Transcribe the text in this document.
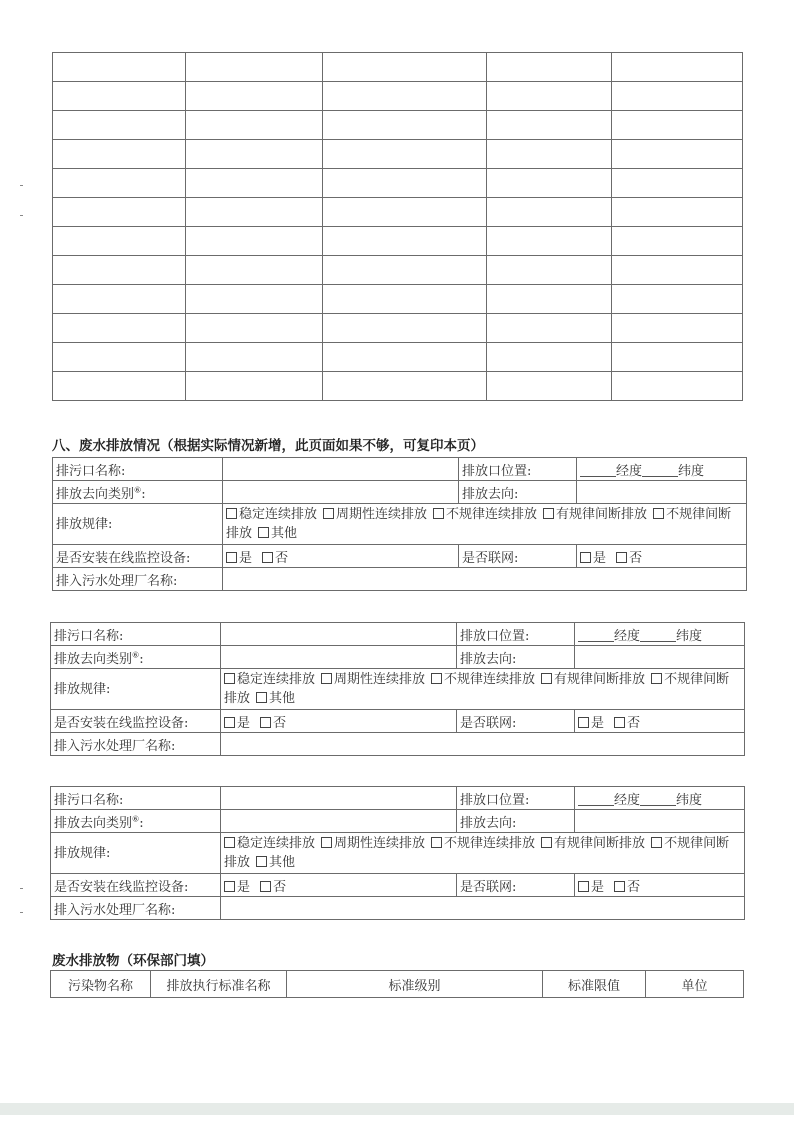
八、废水排放情况（根据实际情况新增，此页面如果不够，可复印本页）
排污口名称:		排放口位置:	经度 纬度
排放去向类别⑥:		排放去向:	
排放规律:	稳定连续排放 周期性连续排放 不规律连续排放 有规律间断排放 不规律间断排放 其他		
是否安装在线监控设备:	是 否	是否联网:	是 否
排入污水处理厂名称:			
排污口名称:		排放口位置:	经度 纬度
排放去向类别⑥:		排放去向:	
排放规律:	稳定连续排放 周期性连续排放 不规律连续排放 有规律间断排放 不规律间断排放 其他		
是否安装在线监控设备:	是 否	是否联网:	是 否
排入污水处理厂名称:			
排污口名称:		排放口位置:	经度 纬度
排放去向类别⑥:		排放去向:	
排放规律:	稳定连续排放 周期性连续排放 不规律连续排放 有规律间断排放 不规律间断排放 其他		
是否安装在线监控设备:	是 否	是否联网:	是 否
排入污水处理厂名称:			
废水排放物（环保部门填）
污染物名称	排放执行标准名称	标准级别	标准限值	单位
